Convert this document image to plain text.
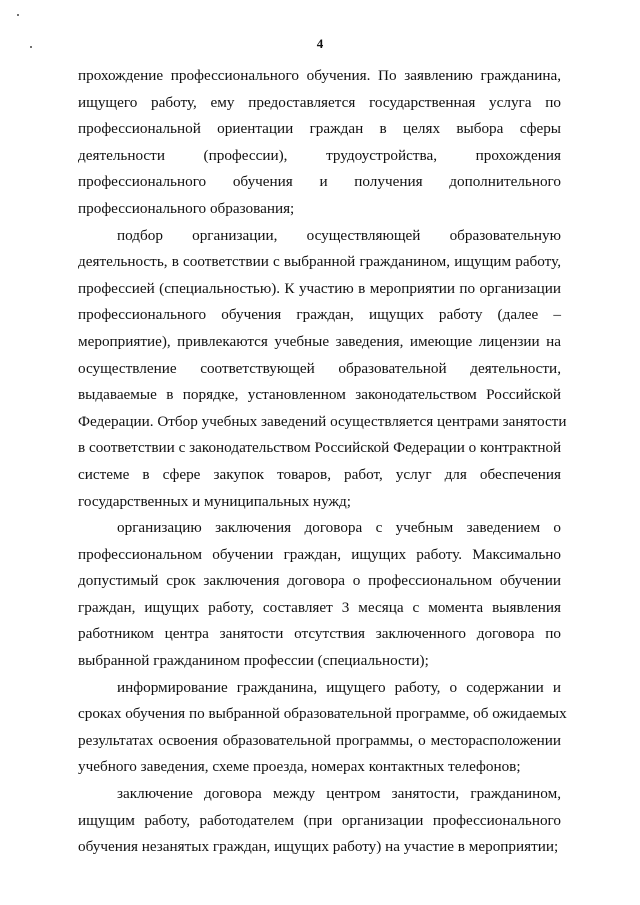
4
прохождение профессионального обучения. По заявлению гражданина,
ищущего работу, ему предоставляется государственная услуга по
профессиональной ориентации граждан в целях выбора сферы
деятельности (профессии), трудоустройства, прохождения
профессионального обучения и получения дополнительного
профессионального образования;
подбор организации, осуществляющей образовательную
деятельность, в соответствии с выбранной гражданином, ищущим работу,
профессией (специальностью). К участию в мероприятии по организации
профессионального обучения граждан, ищущих работу (далее –
мероприятие), привлекаются учебные заведения, имеющие лицензии на
осуществление соответствующей образовательной деятельности,
выдаваемые в порядке, установленном законодательством Российской
Федерации. Отбор учебных заведений осуществляется центрами занятости
в соответствии с законодательством Российской Федерации о контрактной
системе в сфере закупок товаров, работ, услуг для обеспечения
государственных и муниципальных нужд;
организацию заключения договора с учебным заведением о
профессиональном обучении граждан, ищущих работу. Максимально
допустимый срок заключения договора о профессиональном обучении
граждан, ищущих работу, составляет 3 месяца с момента выявления
работником центра занятости отсутствия заключенного договора по
выбранной гражданином профессии (специальности);
информирование гражданина, ищущего работу, о содержании и
сроках обучения по выбранной образовательной программе, об ожидаемых
результатах освоения образовательной программы, о месторасположении
учебного заведения, схеме проезда, номерах контактных телефонов;
заключение договора между центром занятости, гражданином,
ищущим работу, работодателем (при организации профессионального
обучения незанятых граждан, ищущих работу) на участие в мероприятии;
